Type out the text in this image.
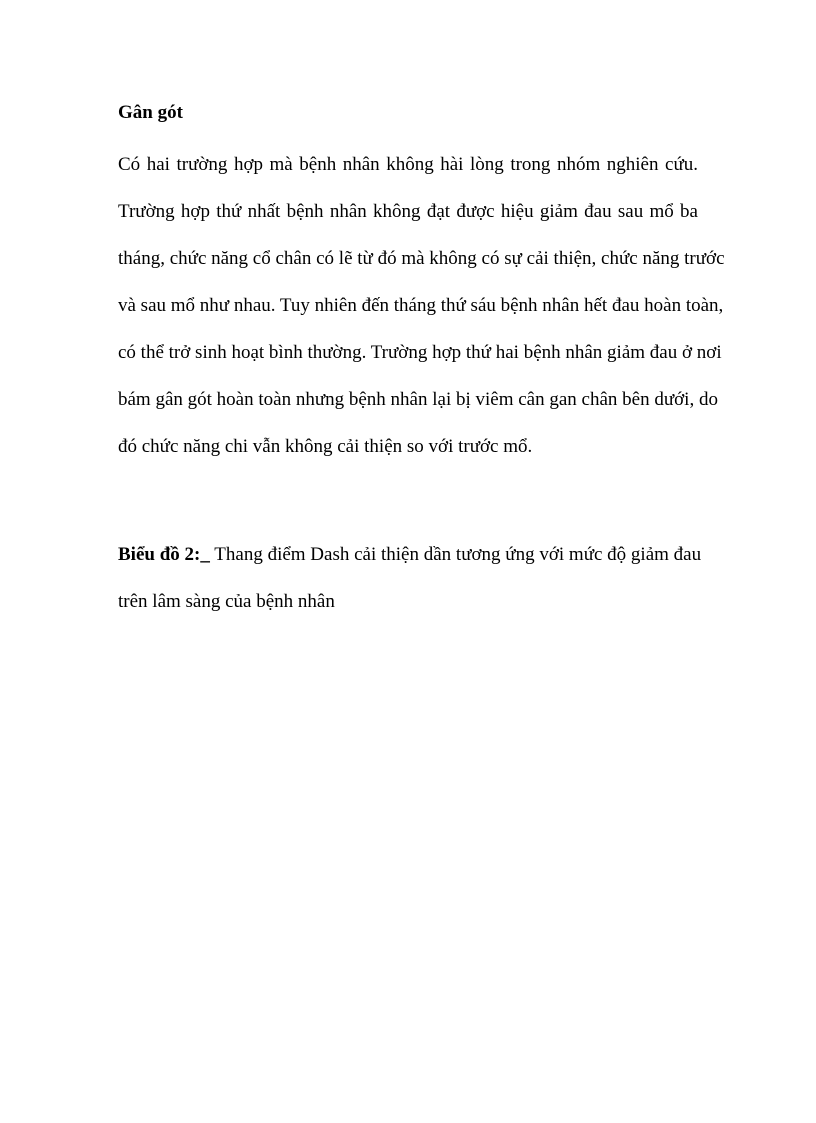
Gân gót

Có hai trường hợp mà bệnh nhân không hài lòng trong nhóm nghiên cứu.

Trường hợp thứ nhất bệnh nhân không đạt được hiệu giảm đau sau mổ ba

tháng, chức năng cổ chân có lẽ từ đó mà không có sự cải thiện, chức năng trước

và sau mổ như nhau. Tuy nhiên đến tháng thứ sáu bệnh nhân hết đau hoàn toàn,

có thể trở sinh hoạt bình thường. Trường hợp thứ hai bệnh nhân giảm đau ở nơi

bám gân gót hoàn toàn nhưng bệnh nhân lại bị viêm cân gan chân bên dưới, do

đó chức năng chi vẫn không cải thiện so với trước mổ.

Biểu đồ 2:_ Thang điểm Dash cải thiện dần tương ứng với mức độ giảm đau

trên lâm sàng của bệnh nhân
